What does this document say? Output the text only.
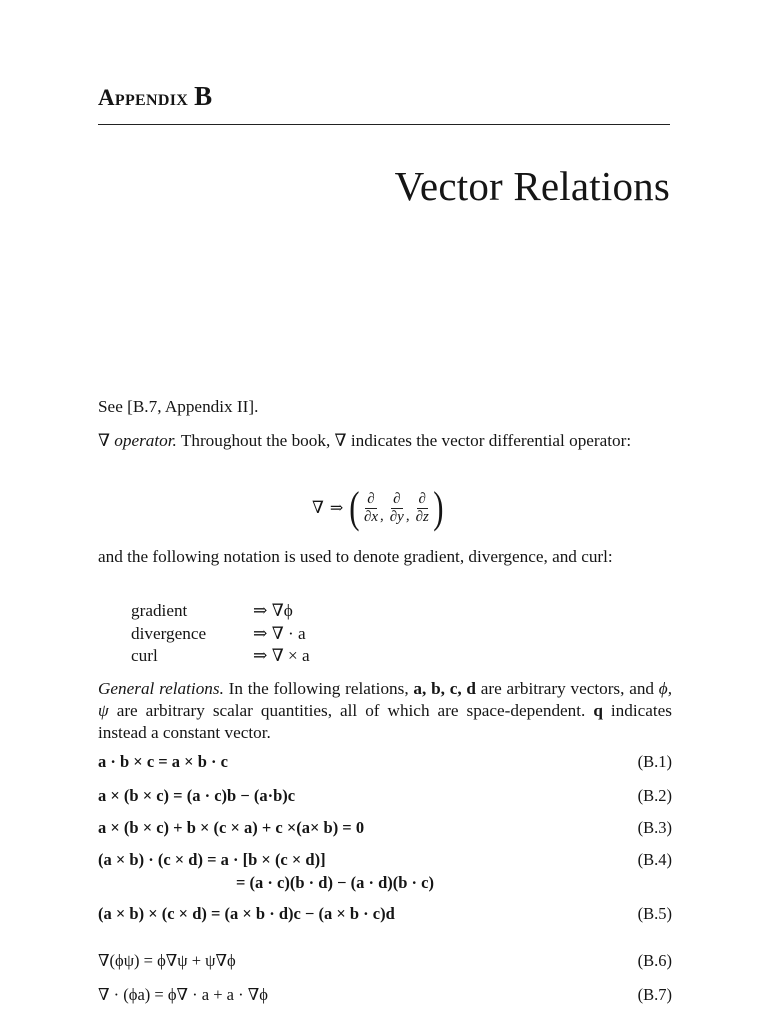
Appendix B
Vector Relations
See [B.7, Appendix II].
∇ operator. Throughout the book, ∇ indicates the vector differential operator:
∇ ⇒ ( $\frac{\partial}{\partial x}$ , $\frac{\partial}{\partial y}$ , $\frac{\partial}{\partial z}$ )
and the following notation is used to denote gradient, divergence, and curl:
gradient	⇒ ∇ϕ
divergence	⇒ ∇ · a
curl	⇒ ∇ × a
General relations. In the following relations, a, b, c, d are arbitrary vectors, and ϕ, ψ are arbitrary scalar quantities, all of which are space-dependent. q indicates instead a constant vector.
a · b × c = a × b · c	(B.1)
a × (b × c) = (a · c)b − (a·b)c	(B.2)
a × (b × c) + b × (c × a) + c ×(a× b) = 0	(B.3)
(a × b) · (c × d) = a · [b × (c × d)]	(B.4)
= (a · c)(b · d) − (a · d)(b · c)
(a × b) × (c × d) = (a × b · d)c − (a × b · c)d	(B.5)
∇(ϕψ) = ϕ∇ψ + ψ∇ϕ	(B.6)
∇ · (ϕa) = ϕ∇ · a + a · ∇ϕ	(B.7)
